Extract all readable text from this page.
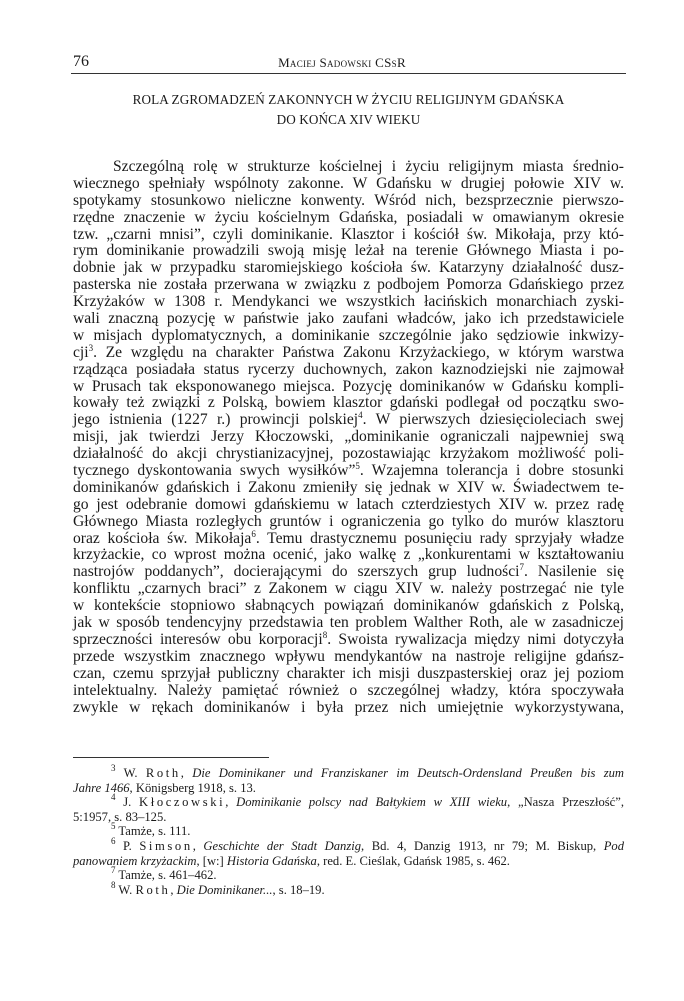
76	Maciej Sadowski CSsR
ROLA ZGROMADZEŃ ZAKONNYCH W ŻYCIU RELIGIJNYM GDAŃSKA
DO KOŃCA XIV WIEKU
Szczególną rolę w strukturze kościelnej i życiu religijnym miasta średnio-
wiecznego spełniały wspólnoty zakonne. W Gdańsku w drugiej połowie XIV w.
spotykamy stosunkowo nieliczne konwenty. Wśród nich, bezsprzecznie pierwszo-
rzędne znaczenie w życiu kościelnym Gdańska, posiadali w omawianym okresie
tzw. „czarni mnisi”, czyli dominikanie. Klasztor i kościół św. Mikołaja, przy któ-
rym dominikanie prowadzili swoją misję leżał na terenie Głównego Miasta i po-
dobnie jak w przypadku staromiejskiego kościoła św. Katarzyny działalność dusz-
pasterska nie została przerwana w związku z podbojem Pomorza Gdańskiego przez
Krzyżaków w 1308 r. Mendykanci we wszystkich łacińskich monarchiach zyski-
wali znaczną pozycję w państwie jako zaufani władców, jako ich przedstawiciele
w misjach dyplomatycznych, a dominikanie szczególnie jako sędziowie inkwizy-
cji$^3$. Ze względu na charakter Państwa Zakonu Krzyżackiego, w którym warstwa
rządząca posiadała status rycerzy duchownych, zakon kaznodziejski nie zajmował
w Prusach tak eksponowanego miejsca. Pozycję dominikanów w Gdańsku kompli-
kowały też związki z Polską, bowiem klasztor gdański podlegał od początku swo-
jego istnienia (1227 r.) prowincji polskiej$^4$. W pierwszych dziesięcioleciach swej
misji, jak twierdzi Jerzy Kłoczowski, „dominikanie ograniczali najpewniej swą
działalność do akcji chrystianizacyjnej, pozostawiając krzyżakom możliwość poli-
tycznego dyskontowania swych wysiłków”$^5$. Wzajemna tolerancja i dobre stosunki
dominikanów gdańskich i Zakonu zmieniły się jednak w XIV w. Świadectwem te-
go jest odebranie domowi gdańskiemu w latach czterdziestych XIV w. przez radę
Głównego Miasta rozległych gruntów i ograniczenia go tylko do murów klasztoru
oraz kościoła św. Mikołaja$^6$. Temu drastycznemu posunięciu rady sprzyjały władze
krzyżackie, co wprost można ocenić, jako walkę z „konkurentami w kształtowaniu
nastrojów poddanych”, docierającymi do szerszych grup ludności$^7$. Nasilenie się
konfliktu „czarnych braci” z Zakonem w ciągu XIV w. należy postrzegać nie tyle
w kontekście stopniowo słabnących powiązań dominikanów gdańskich z Polską,
jak w sposób tendencyjny przedstawia ten problem Walther Roth, ale w zasadniczej
sprzeczności interesów obu korporacji$^8$. Swoista rywalizacja między nimi dotyczyła
przede wszystkim znacznego wpływu mendykantów na nastroje religijne gdańsz-
czan, czemu sprzyjał publiczny charakter ich misji duszpasterskiej oraz jej poziom
intelektualny. Należy pamiętać również o szczególnej władzy, która spoczywała
zwykle w rękach dominikanów i była przez nich umiejętnie wykorzystywana,
$^3$ W. Roth, Die Dominikaner und Franziskaner im Deutsch-Ordensland Preußen bis zum
Jahre 1466, Königsberg 1918, s. 13.
$^4$ J. Kłoczowski, Dominikanie polscy nad Bałtykiem w XIII wieku, „Nasza Przeszłość”,
5:1957, s. 83–125.
$^5$ Tamże, s. 111.
$^6$ P. Simson, Geschichte der Stadt Danzig, Bd. 4, Danzig 1913, nr 79; M. Biskup, Pod
panowaniem krzyżackim, [w:] Historia Gdańska, red. E. Cieślak, Gdańsk 1985, s. 462.
$^7$ Tamże, s. 461–462.
$^8$ W. Roth, Die Dominikaner..., s. 18–19.
